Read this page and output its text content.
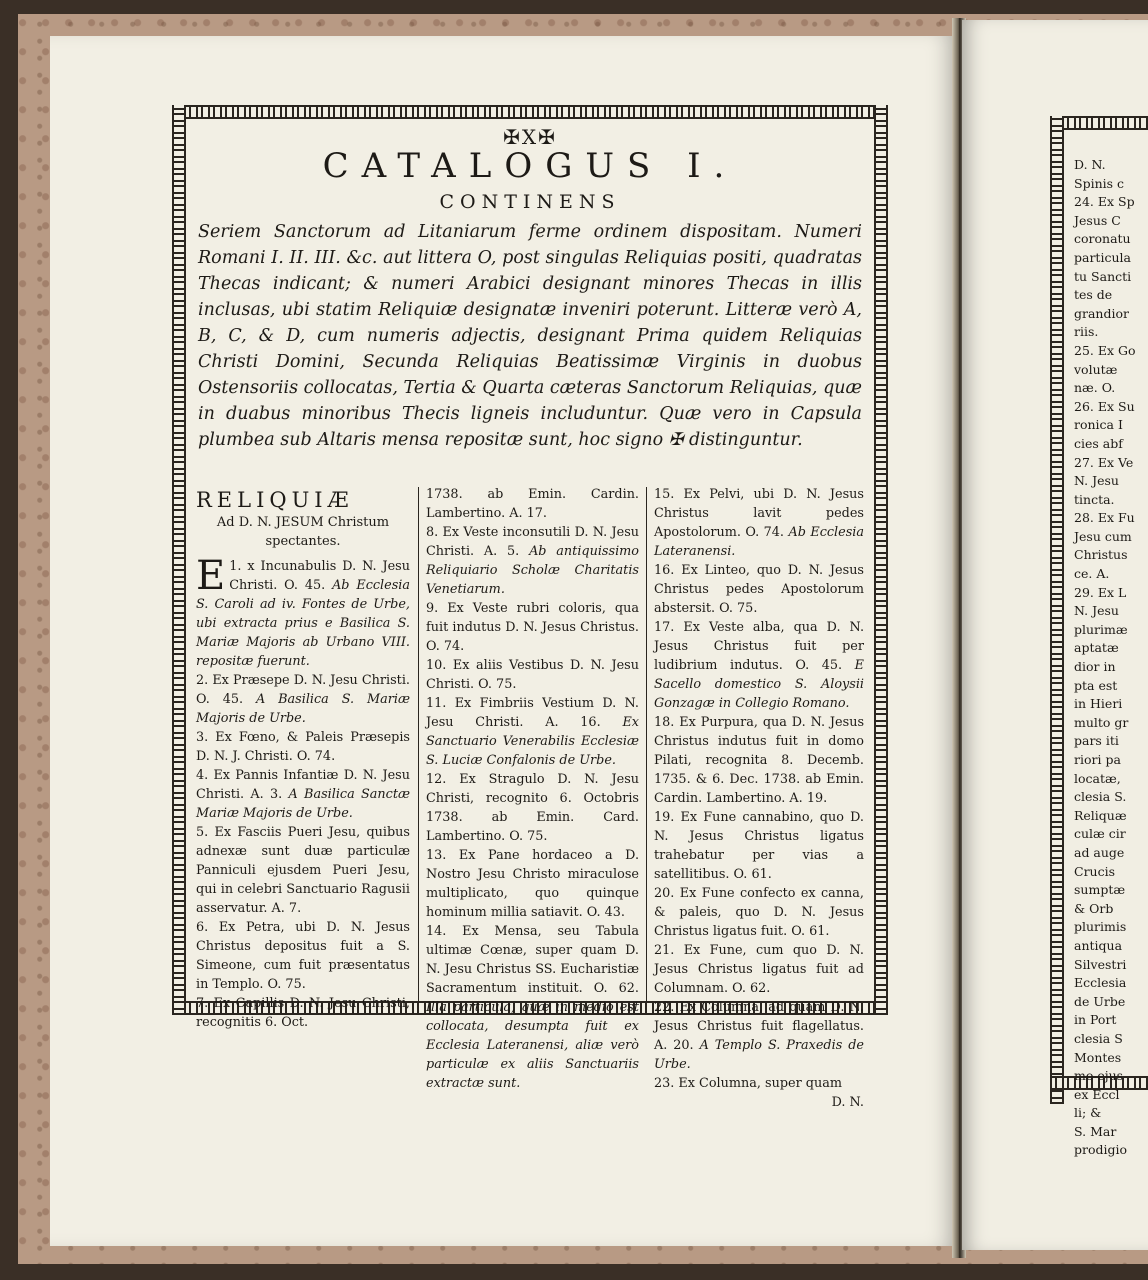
✠X✠
CATALOGUS I.
CONTINENS
Seriem Sanctorum ad Litaniarum ferme ordinem dispositam. Numeri Romani I. II. III. &c. aut littera O, post singulas Reliquias positi, quadratas Thecas indicant; & numeri Arabici designant minores Thecas in illis inclusas, ubi statim Reliquiæ designatæ inveniri poterunt. Litteræ verò A, B, C, & D, cum numeris adjectis, designant Prima quidem Reliquias Christi Domini, Secunda Reliquias Beatissimæ Virginis in duobus Ostensoriis collocatas, Tertia & Quarta cæteras Sanctorum Reliquias, quæ in duabus minoribus Thecis ligneis includuntur. Quæ vero in Capsula plumbea sub Altaris mensa repositæ sunt, hoc signo ✠ distinguntur.
RELIQUIÆ
Ad D. N. JESUM Christum spectantes.
1.
E x Incunabulis D. N. Jesu Christi. O. 45. Ab Ecclesia S. Caroli ad iv. Fontes de Urbe, ubi extracta prius e Basilica S. Mariæ Majoris ab Urbano VIII. repositæ fuerunt.
2. Ex Præsepe D. N. Jesu Christi. O. 45. A Basilica S. Mariæ Majoris de Urbe.
3. Ex Fœno, & Paleis Præsepis D. N. J. Christi. O. 74.
4. Ex Pannis Infantiæ D. N. Jesu Christi. A. 3. A Basilica Sanctæ Mariæ Majoris de Urbe.
5. Ex Fasciis Pueri Jesu, quibus adnexæ sunt duæ particulæ Panniculi ejusdem Pueri Jesu, qui in celebri Sanctuario Ragusii asservatur. A. 7.
6. Ex Petra, ubi D. N. Jesus Christus depositus fuit a S. Simeone, cum fuit præsentatus in Templo. O. 75.
7. Ex Capillis D. N. Jesu Christi, recognitis 6. Oct.
1738. ab Emin. Cardin. Lambertino. A. 17.
8. Ex Veste inconsutili D. N. Jesu Christi. A. 5. Ab antiquissimo Reliquiario Scholæ Charitatis Venetiarum.
9. Ex Veste rubri coloris, qua fuit indutus D. N. Jesus Christus. O. 74.
10. Ex aliis Vestibus D. N. Jesu Christi. O. 75.
11. Ex Fimbriis Vestium D. N. Jesu Christi. A. 16. Ex Sanctuario Venerabilis Ecclesiæ S. Luciæ Confalonis de Urbe.
12. Ex Stragulo D. N. Jesu Christi, recognito 6. Octobris 1738. ab Emin. Card. Lambertino. O. 75.
13. Ex Pane hordaceo a D. Nostro Jesu Christo miraculose multiplicato, quo quinque hominum millia satiavit. O. 43.
14. Ex Mensa, seu Tabula ultimæ Cœnæ, super quam D. N. Jesu Christus SS. Eucharistiæ Sacramentum instituit. O. 62. Illa particula, quæ in medio est collocata, desumpta fuit ex Ecclesia Lateranensi, aliæ verò particulæ ex aliis Sanctuariis extractæ sunt.
15. Ex Pelvi, ubi D. N. Jesus Christus lavit pedes Apostolorum. O. 74. Ab Ecclesia Lateranensi.
16. Ex Linteo, quo D. N. Jesus Christus pedes Apostolorum abstersit. O. 75.
17. Ex Veste alba, qua D. N. Jesus Christus fuit per ludibrium indutus. O. 45. E Sacello domestico S. Aloysii Gonzagæ in Collegio Romano.
18. Ex Purpura, qua D. N. Jesus Christus indutus fuit in domo Pilati, recognita 8. Decemb. 1735. & 6. Dec. 1738. ab Emin. Cardin. Lambertino. A. 19.
19. Ex Fune cannabino, quo D. N. Jesus Christus ligatus trahebatur per vias a satellitibus. O. 61.
20. Ex Fune confecto ex canna, & paleis, quo D. N. Jesus Christus ligatus fuit. O. 61.
21. Ex Fune, cum quo D. N. Jesus Christus ligatus fuit ad Columnam. O. 62.
22. Ex Columna, ad quam D. N. Jesus Christus fuit flagellatus. A. 20. A Templo S. Praxedis de Urbe.
23. Ex Columna, super quam
D. N.
D. N.
Spinis c
24. Ex Sp
Jesus C
coronatu
particula
tu Sancti
tes de
grandior
riis.
25. Ex Go
volutæ
næ. O.
26. Ex Su
ronica I
cies abf
27. Ex Ve
N. Jesu
tincta.
28. Ex Fu
Jesu cum
Christus
ce. A.
29. Ex L
N. Jesu
plurimæ
aptatæ
dior in
pta est
in Hieri
multo gr
pars iti
riori pa
locatæ,
clesia S.
Reliquæ
culæ cir
ad auge
Crucis
sumptæ
& Orb
plurimis
antiqua
Silvestri
Ecclesia
de Urbe
in Port
clesia S
Montes
mo ejus
ex Eccl
li; &
S. Mar
prodigio
